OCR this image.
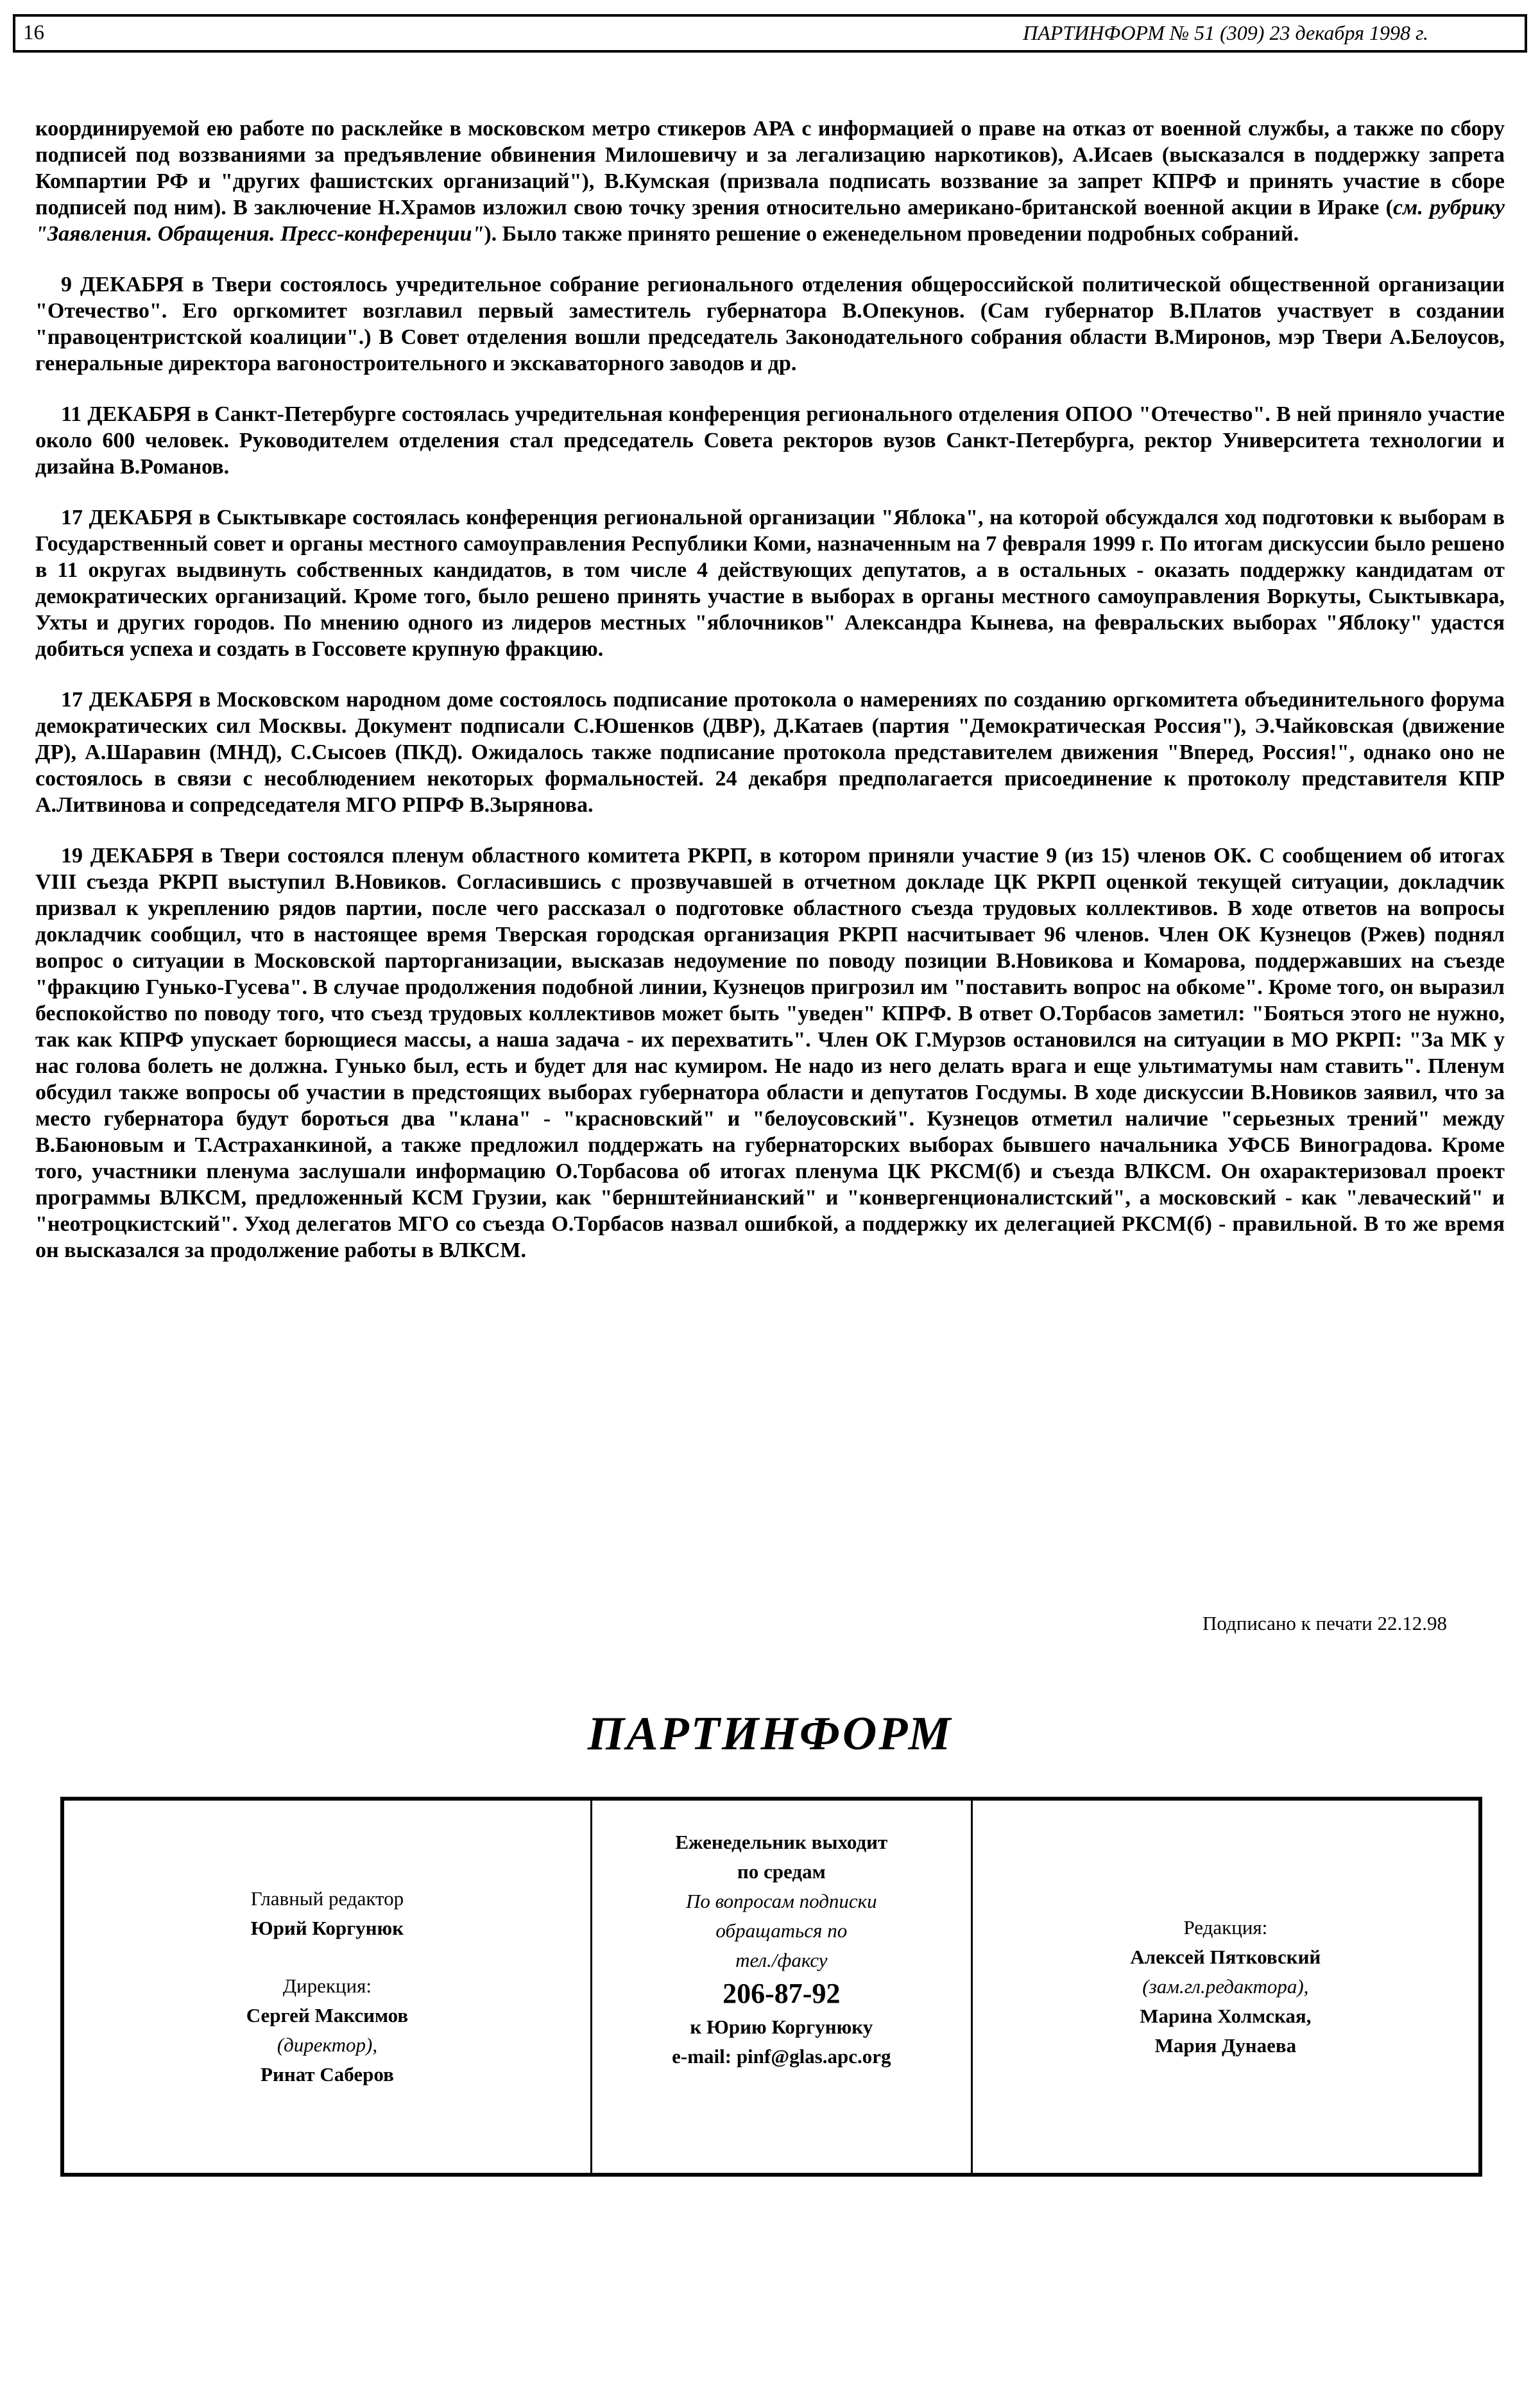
16	ПАРТИНФОРМ № 51 (309) 23 декабря 1998 г.

координируемой ею работе по расклейке в московском метро стикеров АРА с информацией о праве на отказ от военной службы, а также по сбору подписей под воззваниями за предъявление обвинения Милошевичу и за легализацию наркотиков), А.Исаев (высказался в поддержку запрета Компартии РФ и "других фашистских организаций"), В.Кумская (призвала подписать воззвание за запрет КПРФ и принять участие в сборе подписей под ним). В заключение Н.Храмов изложил свою точку зрения относительно американо-британской военной акции в Ираке (см. рубрику "Заявления. Обращения. Пресс-конференции"). Было также принято решение о еженедельном проведении подробных собраний.

9 ДЕКАБРЯ в Твери состоялось учредительное собрание регионального отделения общероссийской политической общественной организации "Отечество". Его оргкомитет возглавил первый заместитель губернатора В.Опекунов. (Сам губернатор В.Платов участвует в создании "правоцентристской коалиции".) В Совет отделения вошли председатель Законодательного собрания области В.Миронов, мэр Твери А.Белоусов, генеральные директора вагоностроительного и экскаваторного заводов и др.

11 ДЕКАБРЯ в Санкт-Петербурге состоялась учредительная конференция регионального отделения ОПОО "Отечество". В ней приняло участие около 600 человек. Руководителем отделения стал председатель Совета ректоров вузов Санкт-Петербурга, ректор Университета технологии и дизайна В.Романов.

17 ДЕКАБРЯ в Сыктывкаре состоялась конференция региональной организации "Яблока", на которой обсуждался ход подготовки к выборам в Государственный совет и органы местного самоуправления Республики Коми, назначенным на 7 февраля 1999 г. По итогам дискуссии было решено в 11 округах выдвинуть собственных кандидатов, в том числе 4 действующих депутатов, а в остальных - оказать поддержку кандидатам от демократических организаций. Кроме того, было решено принять участие в выборах в органы местного самоуправления Воркуты, Сыктывкара, Ухты и других городов. По мнению одного из лидеров местных "яблочников" Александра Кынева, на февральских выборах "Яблоку" удастся добиться успеха и создать в Госсовете крупную фракцию.

17 ДЕКАБРЯ в Московском народном доме состоялось подписание протокола о намерениях по созданию оргкомитета объединительного форума демократических сил Москвы. Документ подписали С.Юшенков (ДВР), Д.Катаев (партия "Демократическая Россия"), Э.Чайковская (движение ДР), А.Шаравин (МНД), С.Сысоев (ПКД). Ожидалось также подписание протокола представителем движения "Вперед, Россия!", однако оно не состоялось в связи с несоблюдением некоторых формальностей. 24 декабря предполагается присоединение к протоколу представителя КПР А.Литвинова и сопредседателя МГО РПРФ В.Зырянова.

19 ДЕКАБРЯ в Твери состоялся пленум областного комитета РКРП, в котором приняли участие 9 (из 15) членов ОК. С сообщением об итогах VIII съезда РКРП выступил В.Новиков. Согласившись с прозвучавшей в отчетном докладе ЦК РКРП оценкой текущей ситуации, докладчик призвал к укреплению рядов партии, после чего рассказал о подготовке областного съезда трудовых коллективов. В ходе ответов на вопросы докладчик сообщил, что в настоящее время Тверская городская организация РКРП насчитывает 96 членов. Член ОК Кузнецов (Ржев) поднял вопрос о ситуации в Московской парторганизации, высказав недоумение по поводу позиции В.Новикова и Комарова, поддержавших на съезде "фракцию Гунько-Гусева". В случае продолжения подобной линии, Кузнецов пригрозил им "поставить вопрос на обкоме". Кроме того, он выразил беспокойство по поводу того, что съезд трудовых коллективов может быть "уведен" КПРФ. В ответ О.Торбасов заметил: "Бояться этого не нужно, так как КПРФ упускает борющиеся массы, а наша задача - их перехватить". Член ОК Г.Мурзов остановился на ситуации в МО РКРП: "За МК у нас голова болеть не должна. Гунько был, есть и будет для нас кумиром. Не надо из него делать врага и еще ультиматумы нам ставить". Пленум обсудил также вопросы об участии в предстоящих выборах губернатора области и депутатов Госдумы. В ходе дискуссии В.Новиков заявил, что за место губернатора будут бороться два "клана" - "красновский" и "белоусовский". Кузнецов отметил наличие "серьезных трений" между В.Баюновым и Т.Астраханкиной, а также предложил поддержать на губернаторских выборах бывшего начальника УФСБ Виноградова. Кроме того, участники пленума заслушали информацию О.Торбасова об итогах пленума ЦК РКСМ(б) и съезда ВЛКСМ. Он охарактеризовал проект программы ВЛКСМ, предложенный КСМ Грузии, как "бернштейнианский" и "конвергенционалистский", а московский - как "леваческий" и "неотроцкистский". Уход делегатов МГО со съезда О.Торбасов назвал ошибкой, а поддержку их делегацией РКСМ(б) - правильной. В то же время он высказался за продолжение работы в ВЛКСМ.

Подписано к печати 22.12.98
ПАРТИНФОРМ
Главный редактор
Юрий Коргунюк
Дирекция:
Сергей Максимов
(директор),
Ринат Саберов
Еженедельник выходит
по средам
По вопросам подписки
обращаться по
тел./факсу
206-87-92
к Юрию Коргунюку
e-mail: pinf@glas.apc.org
Редакция:
Алексей Пятковский
(зам.гл.редактора),
Марина Холмская,
Мария Дунаева
